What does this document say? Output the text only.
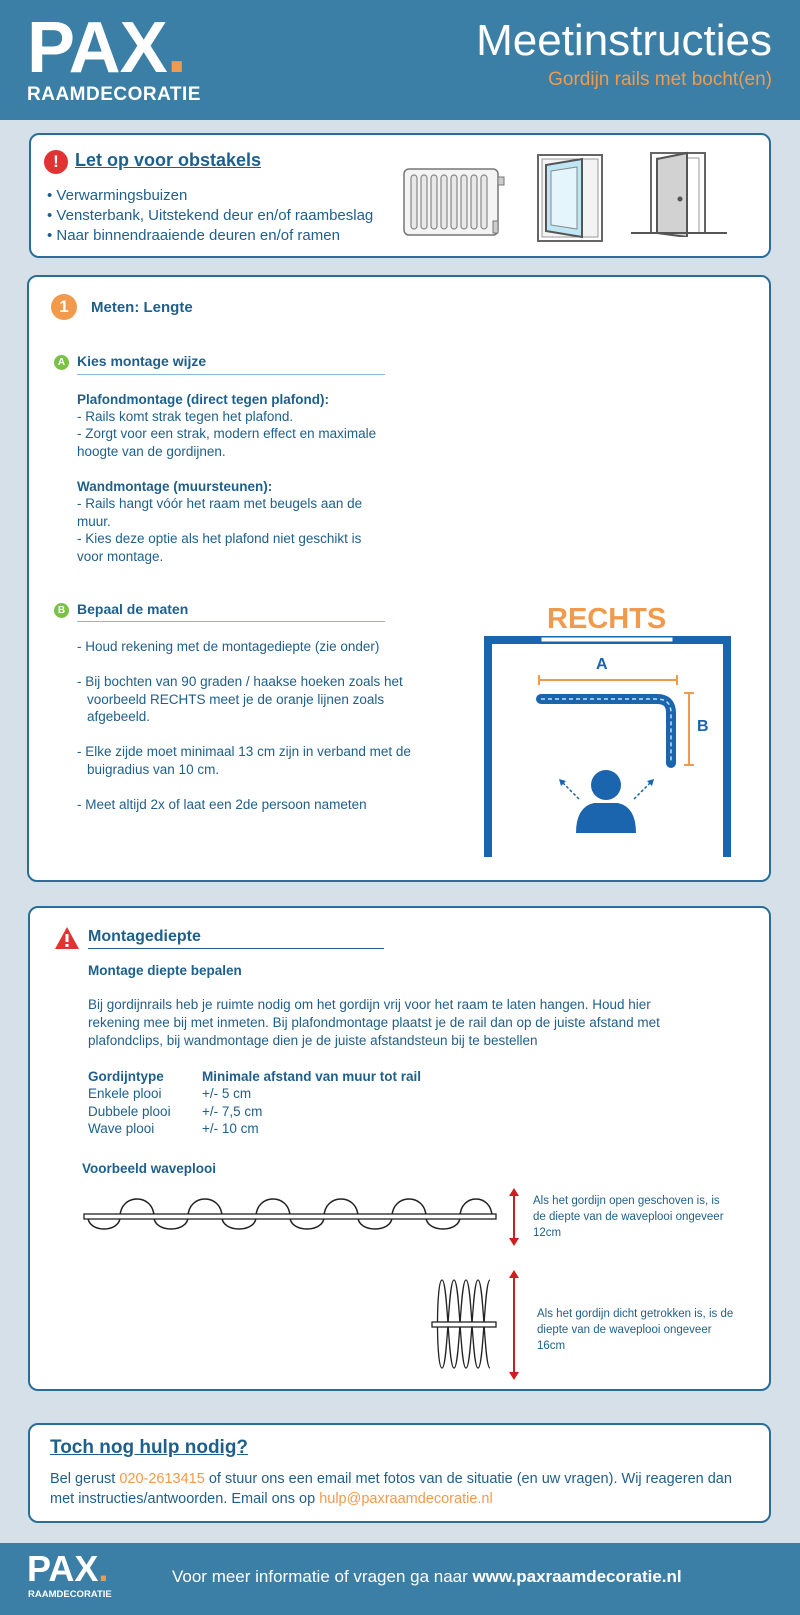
PAX.
RAAMDECORATIE
Meetinstructies
Gordijn rails met bocht(en)
! Let op voor obstakels
• Verwarmingsbuizen
• Vensterbank, Uitstekend deur en/of raambeslag
• Naar binnendraaiende deuren en/of ramen
1	Meten: Lengte
A Kies montage wijze
Plafondmontage (direct tegen plafond):
- Rails komt strak tegen het plafond.
- Zorgt voor een strak, modern effect en maximale
hoogte van de gordijnen.
Wandmontage (muursteunen):
- Rails hangt vóór het raam met beugels aan de
muur.
- Kies deze optie als het plafond niet geschikt is
voor montage.
B Bepaal de maten
- Houd rekening met de montagediepte (zie onder)
- Bij bochten van 90 graden / haakse hoeken zoals het
voorbeeld RECHTS meet je de oranje lijnen zoals
afgebeeld.
- Elke zijde moet minimaal 13 cm zijn in verband met de
buigradius van 10 cm.
- Meet altijd 2x of laat een 2de persoon nameten
RECHTS
A
B
Montagediepte
Montage diepte bepalen
Bij gordijnrails heb je ruimte nodig om het gordijn vrij voor het raam te laten hangen. Houd hier
rekening mee bij met inmeten. Bij plafondmontage plaatst je de rail dan op de juiste afstand met
plafondclips, bij wandmontage dien je de juiste afstandsteun bij te bestellen
Gordijntype	Minimale afstand van muur tot rail
Enkele plooi	+/- 5 cm
Dubbele plooi +/- 7,5 cm
Wave plooi	+/- 10 cm
Voorbeeld waveplooi
Als het gordijn open geschoven is, is
de diepte van de waveplooi ongeveer
12cm
Als het gordijn dicht getrokken is, is de
diepte van de waveplooi ongeveer
16cm
Toch nog hulp nodig?
Bel gerust 020-2613415 of stuur ons een email met fotos van de situatie (en uw vragen). Wij reageren dan
met instructies/antwoorden. Email ons op hulp@paxraamdecoratie.nl
PAX.
RAAMDECORATIE
Voor meer informatie of vragen ga naar www.paxraamdecoratie.nl
